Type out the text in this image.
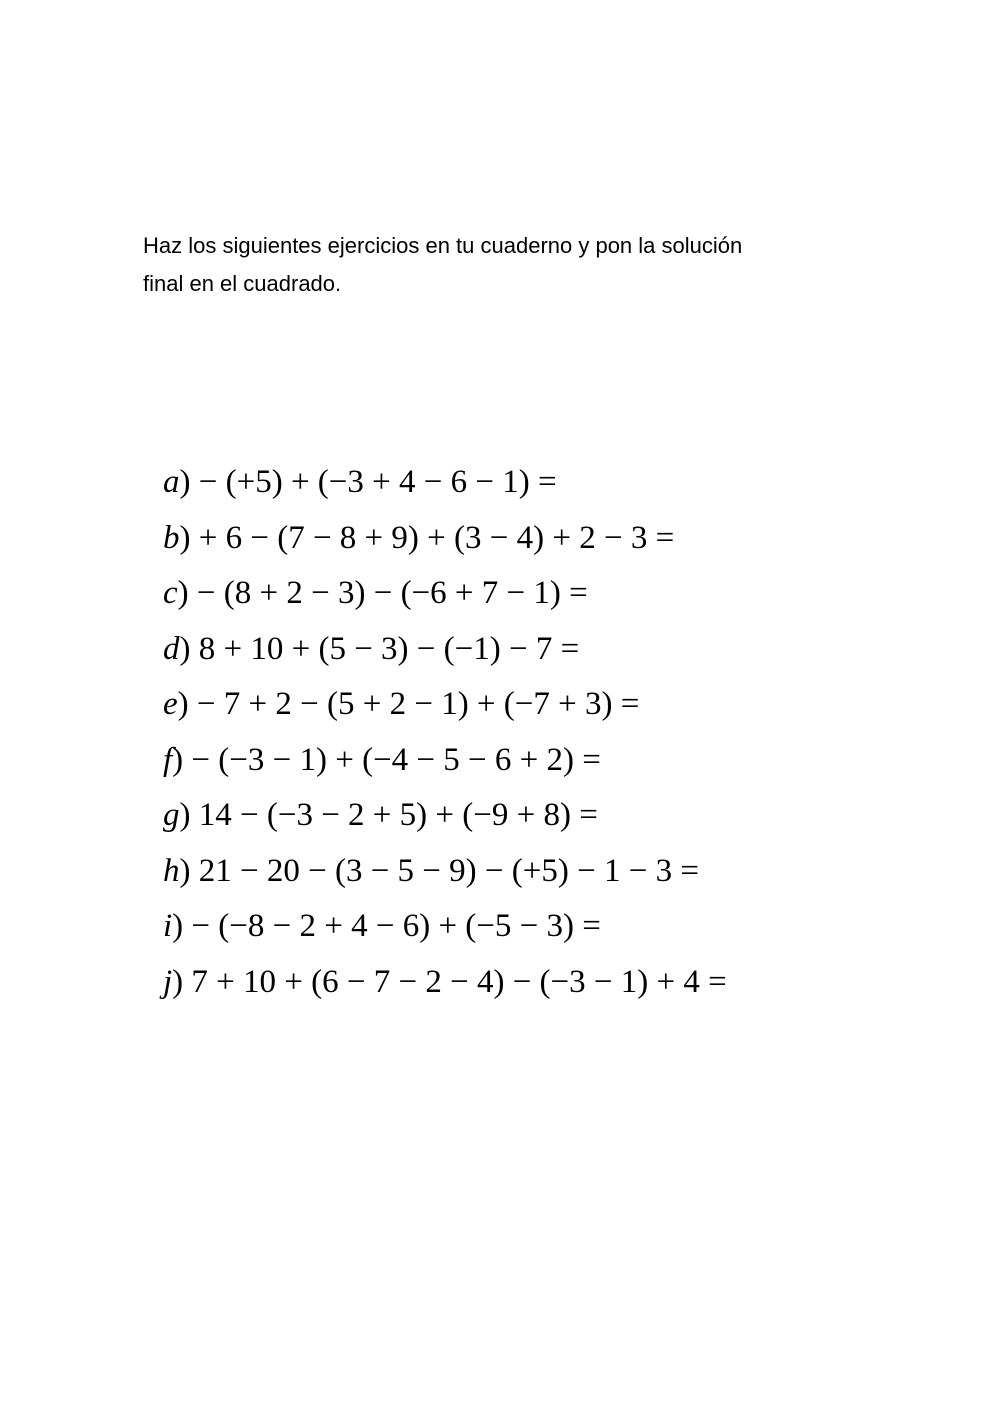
Haz los siguientes ejercicios en tu cuaderno y pon la solución
final en el cuadrado.

a) − (+5) + (−3 + 4 − 6 − 1) =
b) + 6 − (7 − 8 + 9) + (3 − 4) + 2 − 3 =
c) − (8 + 2 − 3) − (−6 + 7 − 1) =
d) 8 + 10 + (5 − 3) − (−1) − 7 =
e) − 7 + 2 − (5 + 2 − 1) + (−7 + 3) =
f) − (−3 − 1) + (−4 − 5 − 6 + 2) =
g) 14 − (−3 − 2 + 5) + (−9 + 8) =
h) 21 − 20 − (3 − 5 − 9) − (+5) − 1 − 3 =
i) − (−8 − 2 + 4 − 6) + (−5 − 3) =
j) 7 + 10 + (6 − 7 − 2 − 4) − (−3 − 1) + 4 =
